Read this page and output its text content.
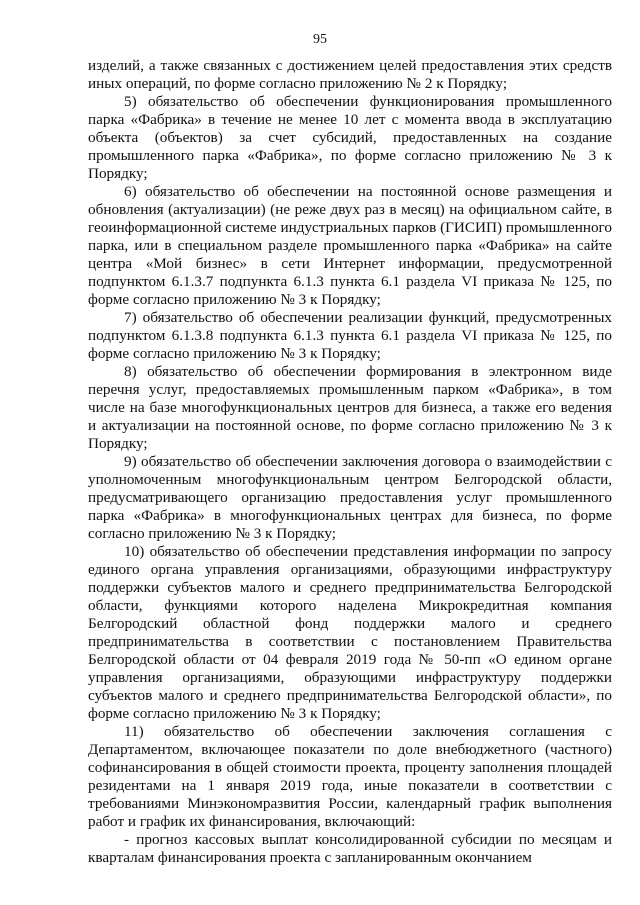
95

изделий, а также связанных с достижением целей предоставления этих средств иных операций, по форме согласно приложению № 2 к Порядку;

5) обязательство об обеспечении функционирования промышленного парка «Фабрика» в течение не менее 10 лет с момента ввода в эксплуатацию объекта (объектов) за счет субсидий, предоставленных на создание промышленного парка «Фабрика», по форме согласно приложению № 3 к Порядку;

6) обязательство об обеспечении на постоянной основе размещения и обновления (актуализации) (не реже двух раз в месяц) на официальном сайте, в геоинформационной системе индустриальных парков (ГИСИП) промышленного парка, или в специальном разделе промышленного парка «Фабрика» на сайте центра «Мой бизнес» в сети Интернет информации, предусмотренной подпунктом 6.1.3.7 подпункта 6.1.3 пункта 6.1 раздела VI приказа № 125, по форме согласно приложению № 3 к Порядку;

7) обязательство об обеспечении реализации функций, предусмотренных подпунктом 6.1.3.8 подпункта 6.1.3 пункта 6.1 раздела VI приказа № 125, по форме согласно приложению № 3 к Порядку;

8) обязательство об обеспечении формирования в электронном виде перечня услуг, предоставляемых промышленным парком «Фабрика», в том числе на базе многофункциональных центров для бизнеса, а также его ведения и актуализации на постоянной основе, по форме согласно приложению № 3 к Порядку;

9) обязательство об обеспечении заключения договора о взаимодействии с уполномоченным многофункциональным центром Белгородской области, предусматривающего организацию предоставления услуг промышленного парка «Фабрика» в многофункциональных центрах для бизнеса, по форме согласно приложению № 3 к Порядку;

10) обязательство об обеспечении представления информации по запросу единого органа управления организациями, образующими инфраструктуру поддержки субъектов малого и среднего предпринимательства Белгородской области, функциями которого наделена Микрокредитная компания Белгородский областной фонд поддержки малого и среднего предпринимательства в соответствии с постановлением Правительства Белгородской области от 04 февраля 2019 года № 50-пп «О едином органе управления организациями, образующими инфраструктуру поддержки субъектов малого и среднего предпринимательства Белгородской области», по форме согласно приложению № 3 к Порядку;

11) обязательство об обеспечении заключения соглашения с Департаментом, включающее показатели по доле внебюджетного (частного) софинансирования в общей стоимости проекта, проценту заполнения площадей резидентами на 1 января 2019 года, иные показатели в соответствии с требованиями Минэкономразвития России, календарный график выполнения работ и график их финансирования, включающий:

- прогноз кассовых выплат консолидированной субсидии по месяцам и кварталам финансирования проекта с запланированным окончанием
